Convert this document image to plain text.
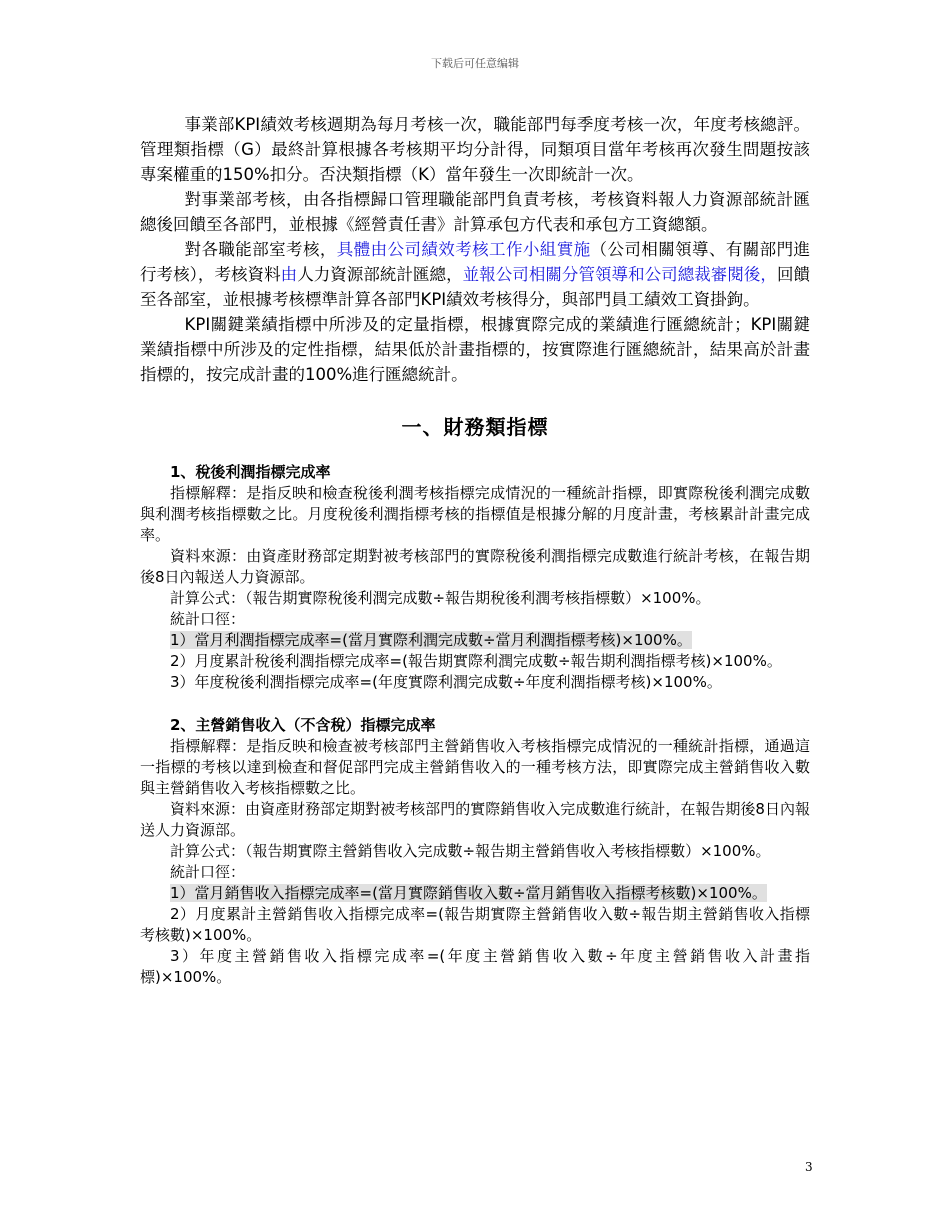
下载后可任意编辑

事業部KPI績效考核週期為每月考核一次，職能部門每季度考核一次，年度考核總評。管理類指標（G）最終計算根據各考核期平均分計得，同類項目當年考核再次發生問題按該專案權重的150%扣分。否決類指標（K）當年發生一次即統計一次。

對事業部考核，由各指標歸口管理職能部門負責考核，考核資料報人力資源部統計匯總後回饋至各部門，並根據《經營責任書》計算承包方代表和承包方工資總額。

對各職能部室考核，具體由公司績效考核工作小組實施（公司相關領導、有關部門進行考核），考核資料由人力資源部統計匯總，並報公司相關分管領導和公司總裁審閱後，回饋至各部室，並根據考核標準計算各部門KPI績效考核得分，與部門員工績效工資掛鉤。

KPI關鍵業績指標中所涉及的定量指標，根據實際完成的業績進行匯總統計；KPI關鍵業績指標中所涉及的定性指標，結果低於計畫指標的，按實際進行匯總統計，結果高於計畫指標的，按完成計畫的100%進行匯總統計。

一、財務類指標

1、稅後利潤指標完成率

指標解釋：是指反映和檢查稅後利潤考核指標完成情況的一種統計指標，即實際稅後利潤完成數與利潤考核指標數之比。月度稅後利潤指標考核的指標值是根據分解的月度計畫，考核累計計畫完成率。

資料來源：由資產財務部定期對被考核部門的實際稅後利潤指標完成數進行統計考核，在報告期後8日內報送人力資源部。

計算公式：（報告期實際稅後利潤完成數÷報告期稅後利潤考核指標數）×100%。

統計口徑：

1）當月利潤指標完成率=(當月實際利潤完成數÷當月利潤指標考核)×100%。

2）月度累計稅後利潤指標完成率=(報告期實際利潤完成數÷報告期利潤指標考核)×100%。

3）年度稅後利潤指標完成率=(年度實際利潤完成數÷年度利潤指標考核)×100%。

2、主營銷售收入（不含稅）指標完成率

指標解釋：是指反映和檢查被考核部門主營銷售收入考核指標完成情況的一種統計指標，通過這一指標的考核以達到檢查和督促部門完成主營銷售收入的一種考核方法，即實際完成主營銷售收入數與主營銷售收入考核指標數之比。

資料來源：由資產財務部定期對被考核部門的實際銷售收入完成數進行統計，在報告期後8日內報送人力資源部。

計算公式：（報告期實際主營銷售收入完成數÷報告期主營銷售收入考核指標數）×100%。

統計口徑：

1）當月銷售收入指標完成率=(當月實際銷售收入數÷當月銷售收入指標考核數)×100%。

2）月度累計主營銷售收入指標完成率=(報告期實際主營銷售收入數÷報告期主營銷售收入指標考核數)×100%。

3）年度主營銷售收入指標完成率=(年度主營銷售收入數÷年度主營銷售收入計畫指標)×100%。

3
